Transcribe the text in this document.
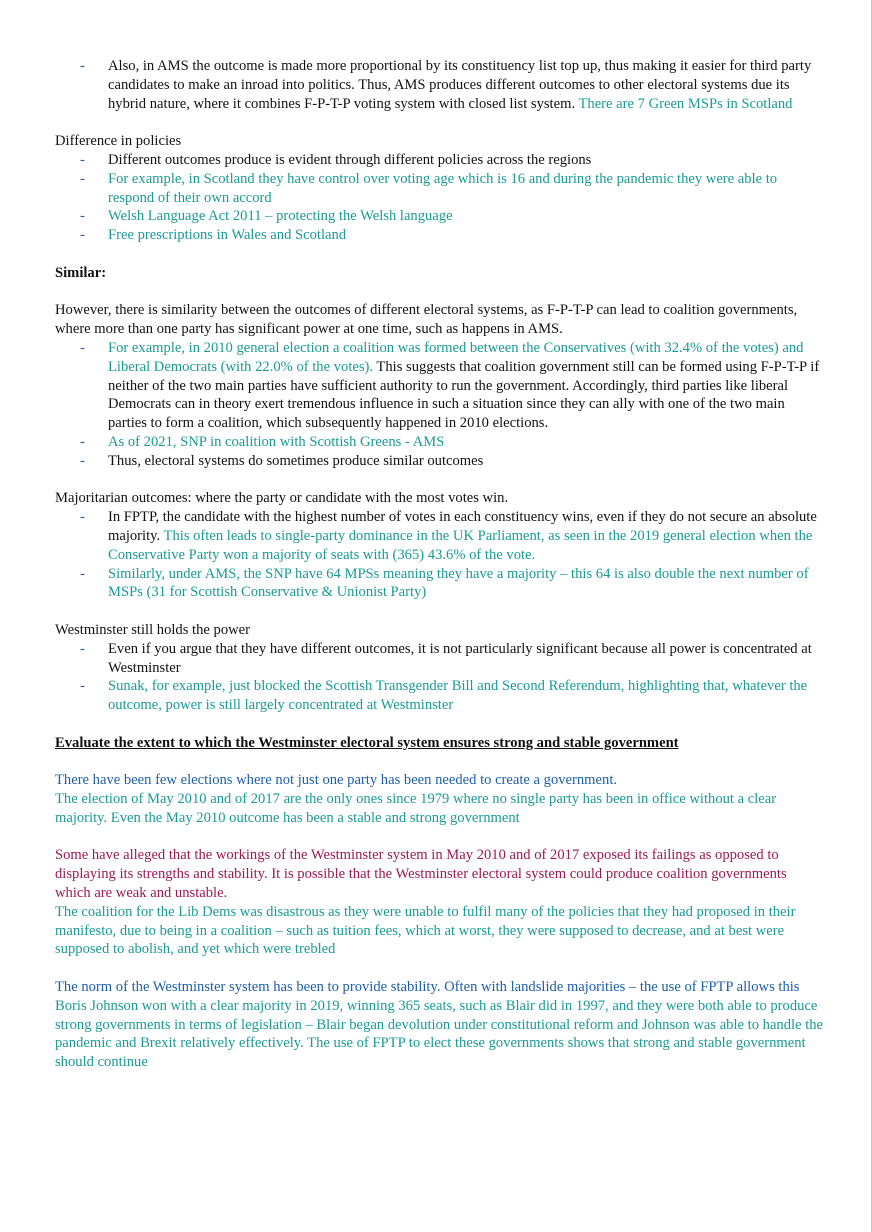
- Also, in AMS the outcome is made more proportional by its constituency list top up, thus making it easier for third party candidates to make an inroad into politics. Thus, AMS produces different outcomes to other electoral systems due its hybrid nature, where it combines F-P-T-P voting system with closed list system. There are 7 Green MSPs in Scotland

Difference in policies

- Different outcomes produce is evident through different policies across the regions
- For example, in Scotland they have control over voting age which is 16 and during the pandemic they were able to respond of their own accord
- Welsh Language Act 2011 – protecting the Welsh language
- Free prescriptions in Wales and Scotland

Similar:

However, there is similarity between the outcomes of different electoral systems, as F-P-T-P can lead to coalition governments, where more than one party has significant power at one time, such as happens in AMS.

- For example, in 2010 general election a coalition was formed between the Conservatives (with 32.4% of the votes) and Liberal Democrats (with 22.0% of the votes). This suggests that coalition government still can be formed using F-P-T-P if neither of the two main parties have sufficient authority to run the government. Accordingly, third parties like liberal Democrats can in theory exert tremendous influence in such a situation since they can ally with one of the two main parties to form a coalition, which subsequently happened in 2010 elections.
- As of 2021, SNP in coalition with Scottish Greens - AMS
- Thus, electoral systems do sometimes produce similar outcomes

Majoritarian outcomes: where the party or candidate with the most votes win.

- In FPTP, the candidate with the highest number of votes in each constituency wins, even if they do not secure an absolute majority. This often leads to single-party dominance in the UK Parliament, as seen in the 2019 general election when the Conservative Party won a majority of seats with (365) 43.6% of the vote.
- Similarly, under AMS, the SNP have 64 MPSs meaning they have a majority – this 64 is also double the next number of MSPs (31 for Scottish Conservative & Unionist Party)

Westminster still holds the power

- Even if you argue that they have different outcomes, it is not particularly significant because all power is concentrated at Westminster
- Sunak, for example, just blocked the Scottish Transgender Bill and Second Referendum, highlighting that, whatever the outcome, power is still largely concentrated at Westminster

Evaluate the extent to which the Westminster electoral system ensures strong and stable government

There have been few elections where not just one party has been needed to create a government.

The election of May 2010 and of 2017 are the only ones since 1979 where no single party has been in office without a clear majority. Even the May 2010 outcome has been a stable and strong government

Some have alleged that the workings of the Westminster system in May 2010 and of 2017 exposed its failings as opposed to displaying its strengths and stability. It is possible that the Westminster electoral system could produce coalition governments which are weak and unstable.

The coalition for the Lib Dems was disastrous as they were unable to fulfil many of the policies that they had proposed in their manifesto, due to being in a coalition – such as tuition fees, which at worst, they were supposed to decrease, and at best were supposed to abolish, and yet which were trebled

The norm of the Westminster system has been to provide stability. Often with landslide majorities – the use of FPTP allows this

Boris Johnson won with a clear majority in 2019, winning 365 seats, such as Blair did in 1997, and they were both able to produce strong governments in terms of legislation – Blair began devolution under constitutional reform and Johnson was able to handle the pandemic and Brexit relatively effectively. The use of FPTP to elect these governments shows that strong and stable government should continue
